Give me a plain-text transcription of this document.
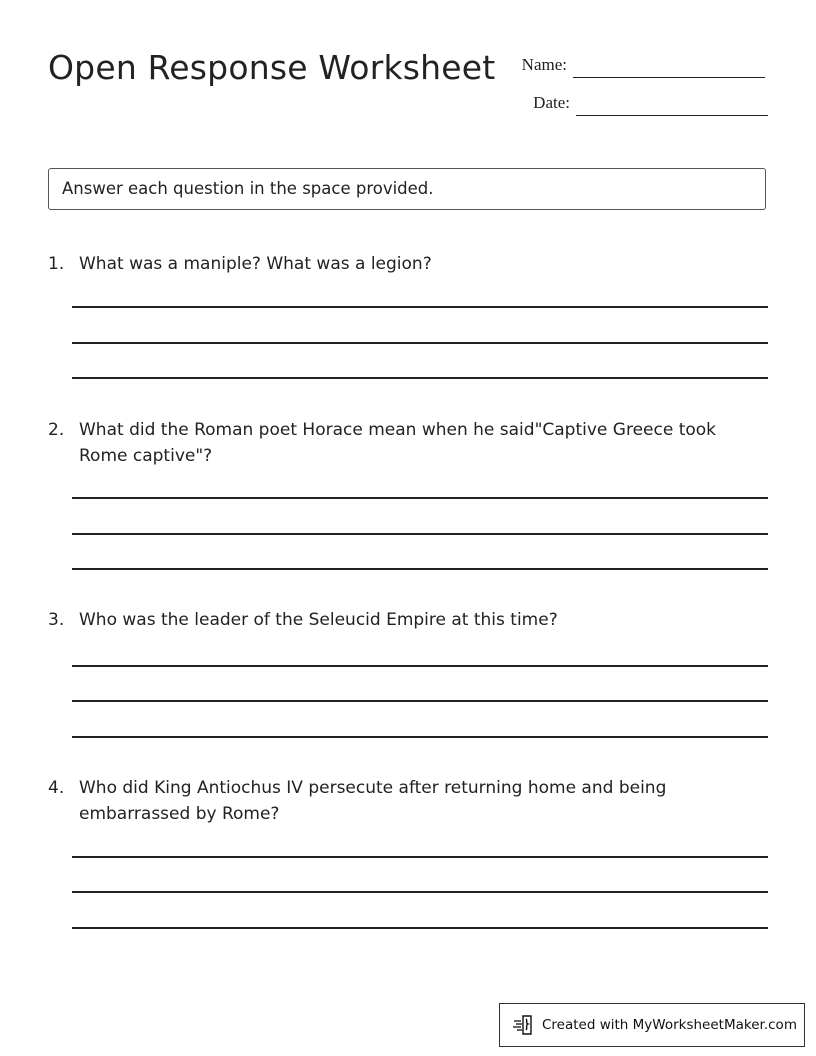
Open Response Worksheet	Name:
Date:
Answer each question in the space provided.
1. What was a maniple? What was a legion?
2. What did the Roman poet Horace mean when he said"Captive Greece took Rome captive"?
3. Who was the leader of the Seleucid Empire at this time?
4. Who did King Antiochus IV persecute after returning home and being embarrassed by Rome?
Created with MyWorksheetMaker.com
